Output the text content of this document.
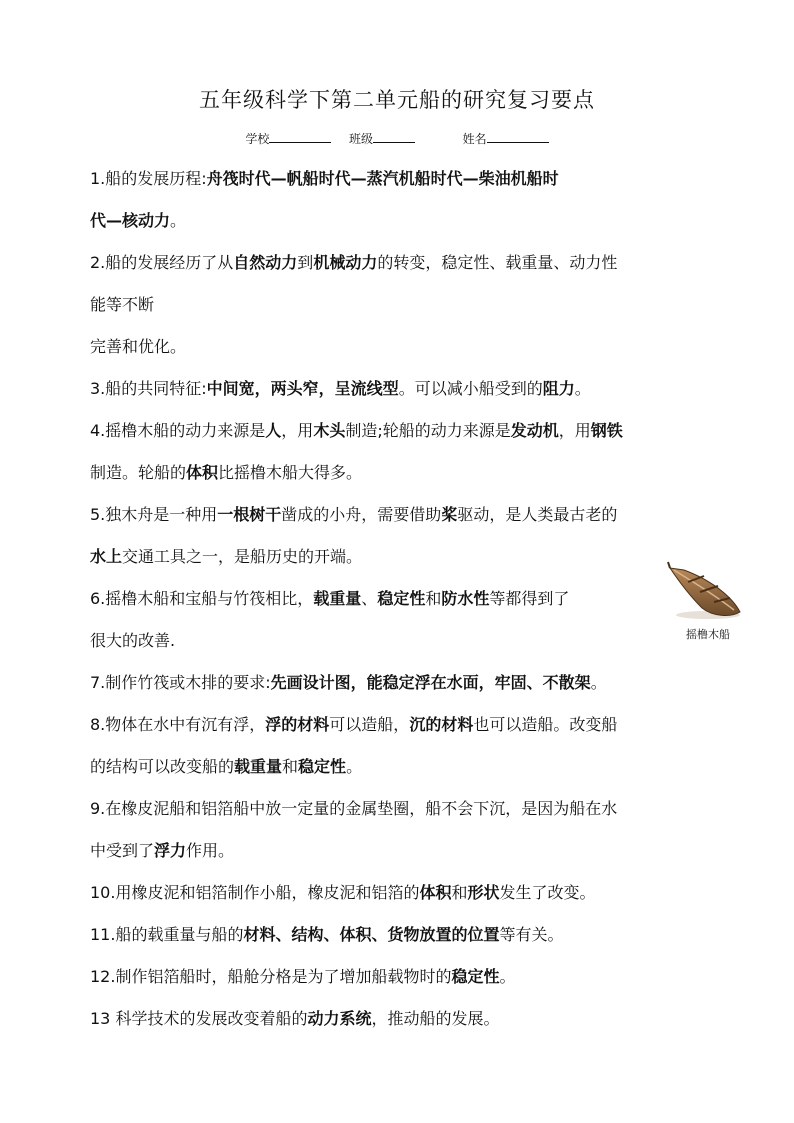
五年级科学下第二单元船的研究复习要点
学校	班级	姓名
1.船的发展历程:舟筏时代—帆船时代—蒸汽机船时代—柴油机船时
代—核动力。
2.船的发展经历了从自然动力到机械动力的转变，稳定性、载重量、动力性
能等不断
完善和优化。
3.船的共同特征:中间宽，两头窄，呈流线型。可以减小船受到的阻力。
4.摇橹木船的动力来源是人，用木头制造;轮船的动力来源是发动机，用钢铁
制造。轮船的体积比摇橹木船大得多。
5.独木舟是一种用一根树干凿成的小舟，需要借助桨驱动，是人类最古老的
水上交通工具之一，是船历史的开端。
6.摇橹木船和宝船与竹筏相比，载重量、稳定性和防水性等都得到了
很大的改善.
7.制作竹筏或木排的要求:先画设计图，能稳定浮在水面，牢固、不散架。
8.物体在水中有沉有浮，浮的材料可以造船，沉的材料也可以造船。改变船
的结构可以改变船的载重量和稳定性。
9.在橡皮泥船和铝箔船中放一定量的金属垫圈，船不会下沉，是因为船在水
中受到了浮力作用。
10.用橡皮泥和铝箔制作小船，橡皮泥和铝箔的体积和形状发生了改变。
11.船的载重量与船的材料、结构、体积、货物放置的位置等有关。
12.制作铝箔船时，船舱分格是为了增加船载物时的稳定性。
13 科学技术的发展改变着船的动力系统，推动船的发展。
摇橹木船
